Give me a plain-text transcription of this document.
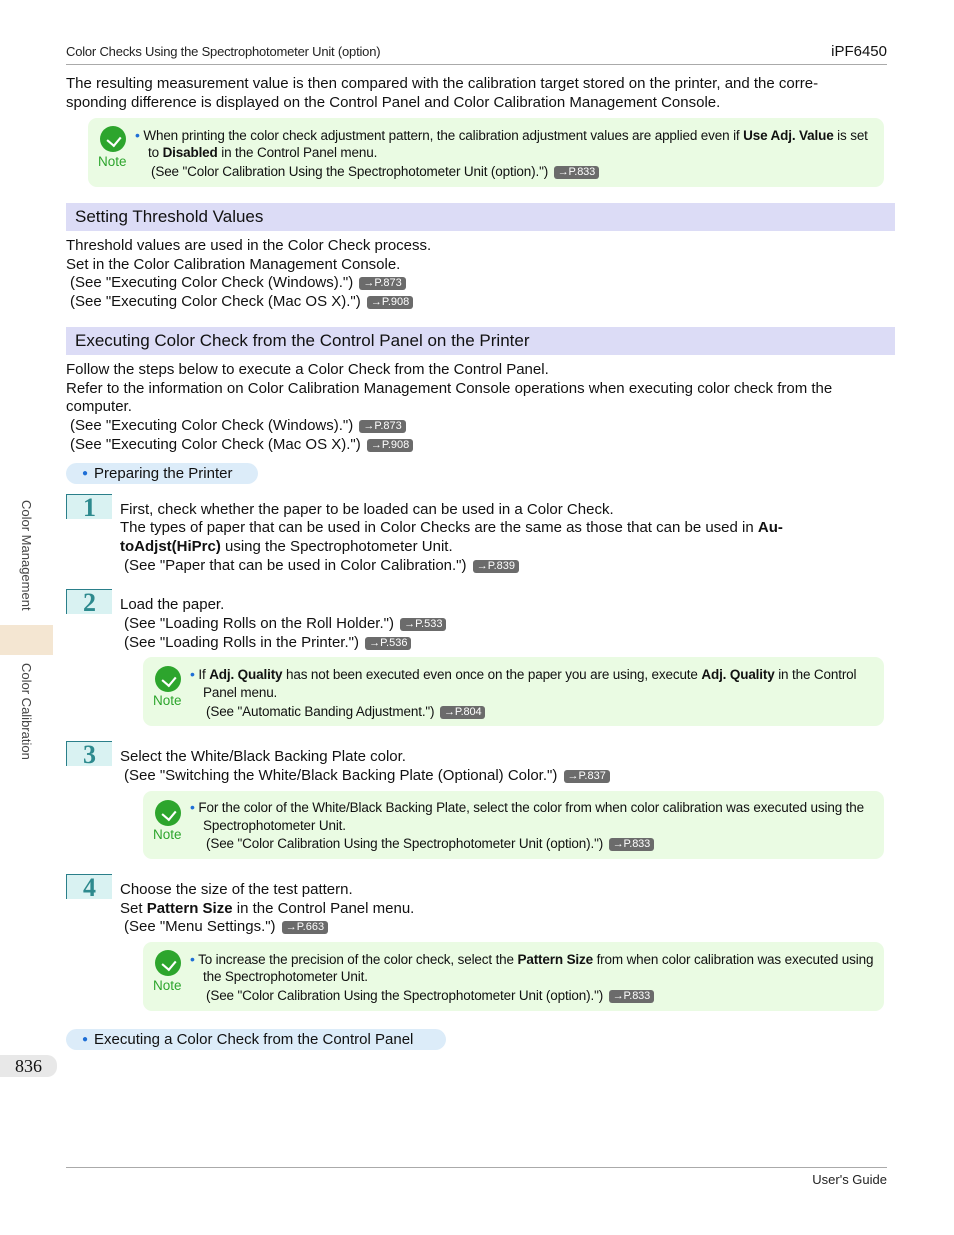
Color Checks Using the Spectrophotometer Unit (option)	iPF6450
The resulting measurement value is then compared with the calibration target stored on the printer, and the corre-
sponding difference is displayed on the Control Panel and Color Calibration Management Console.
Note
• When printing the color check adjustment pattern, the calibration adjustment values are applied even if Use Adj. Value is set
to Disabled in the Control Panel menu.
(See "Color Calibration Using the Spectrophotometer Unit (option).") →P.833
Setting Threshold Values
Threshold values are used in the Color Check process.
Set in the Color Calibration Management Console.
(See "Executing Color Check (Windows).") →P.873
(See "Executing Color Check (Mac OS X).") →P.908
Executing Color Check from the Control Panel on the Printer
Follow the steps below to execute a Color Check from the Control Panel.
Refer to the information on Color Calibration Management Console operations when executing color check from the
computer.
(See "Executing Color Check (Windows).") →P.873
(See "Executing Color Check (Mac OS X).") →P.908
● Preparing the Printer
1	First, check whether the paper to be loaded can be used in a Color Check.
The types of paper that can be used in Color Checks are the same as those that can be used in Au-
toAdjst(HiPrc) using the Spectrophotometer Unit.
(See "Paper that can be used in Color Calibration.") →P.839
2	Load the paper.
(See "Loading Rolls on the Roll Holder.") →P.533
(See "Loading Rolls in the Printer.") →P.536
Note
• If Adj. Quality has not been executed even once on the paper you are using, execute Adj. Quality in the Control
Panel menu.
(See "Automatic Banding Adjustment.") →P.804
3	Select the White/Black Backing Plate color.
(See "Switching the White/Black Backing Plate (Optional) Color.") →P.837
Note
• For the color of the White/Black Backing Plate, select the color from when color calibration was executed using the
Spectrophotometer Unit.
(See "Color Calibration Using the Spectrophotometer Unit (option).") →P.833
4	Choose the size of the test pattern.
Set Pattern Size in the Control Panel menu.
(See "Menu Settings.") →P.663
Note
• To increase the precision of the color check, select the Pattern Size from when color calibration was executed using
the Spectrophotometer Unit.
(See "Color Calibration Using the Spectrophotometer Unit (option).") →P.833
● Executing a Color Check from the Control Panel
Color Management
Color Calibration
836
User's Guide
